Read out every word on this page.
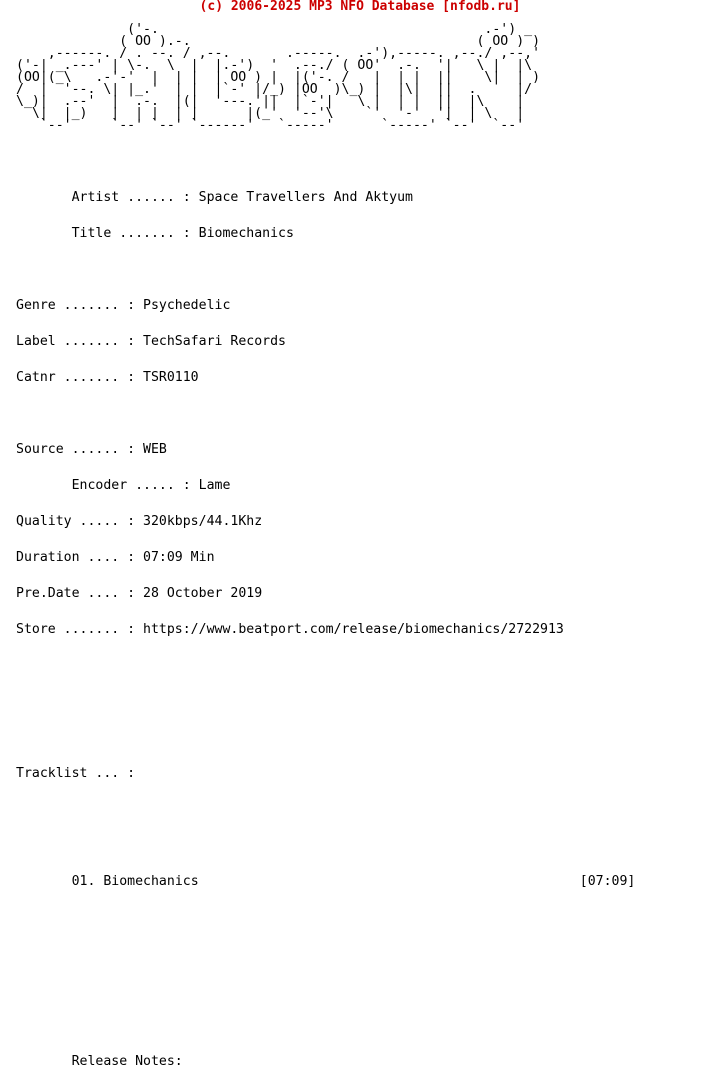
(c) 2006-2025 MP3 NFO Database [nfodb.ru]
('-.                                         .-') _
( OO ).-.                                    ( OO ) )
,------. / . --. / ,--.       .-----.  .-'),-----. ,--./ ,--,'
('-| _.---' | \-.  \  |  |.-')  '  .--./ ( OO'  .-.  '|   \ |  |\
(OO|(_\   .-'-'  |  | |  | OO ) |  |('-. /   |  | |  ||    \|  | )
/  |  '--. \| |_.'  | |  |`-' |/_) |OO  )\_) |  |\|  ||  .     |/
\_)|  .--'  |  .-.  |(|  '---.'||  |`-'|   \ |  | |  ||  |\    |
\|  |_)   |  | |  | |      |(_'  '--'\    `'  '-'  '|  | \   |
`--'     `--' `--' `------'   `-----'      `-----' `--'  `--'

Artist ...... : Space Travellers And Aktyum

Title ....... : Biomechanics

Genre ....... : Psychedelic

Label ....... : TechSafari Records

Catnr ....... : TSR0110

Source ...... : WEB

Encoder ..... : Lame

Quality ..... : 320kbps/44.1Khz

Duration .... : 07:09 Min

Pre.Date .... : 28 October 2019

Store ....... : https://www.beatport.com/release/biomechanics/2722913

Tracklist ... :

01. Biomechanics	[07:09]

Release Notes:
